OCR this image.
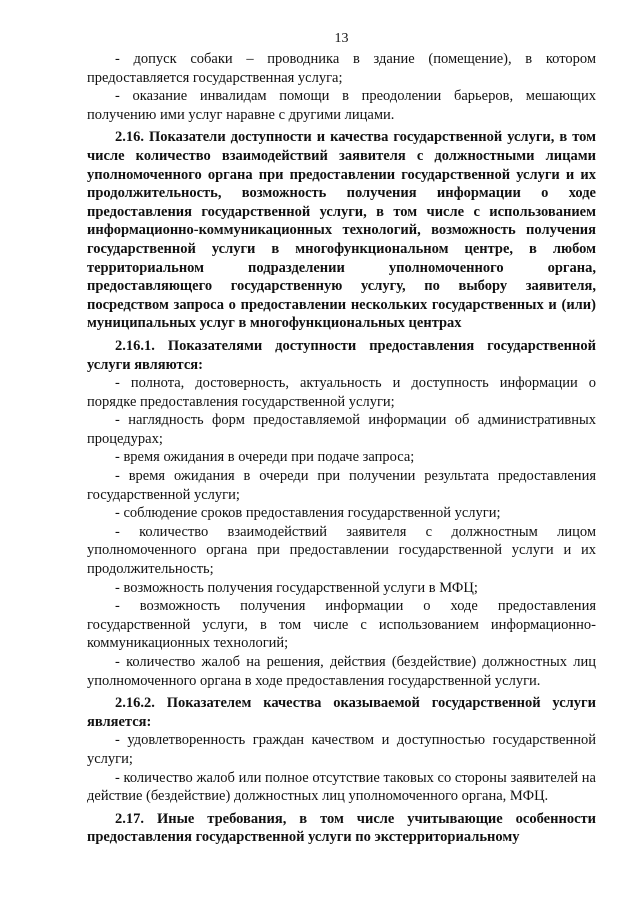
13

- допуск собаки – проводника в здание (помещение), в котором предоставляется государственная услуга;

- оказание инвалидам помощи в преодолении барьеров, мешающих получению ими услуг наравне с другими лицами.

2.16. Показатели доступности и качества государственной услуги, в том числе количество взаимодействий заявителя с должностными лицами уполномоченного органа при предоставлении государственной услуги и их продолжительность, возможность получения информации о ходе предоставления государственной услуги, в том числе с использованием информационно-коммуникационных технологий, возможность получения государственной услуги в многофункциональном центре, в любом территориальном подразделении уполномоченного органа, предоставляющего государственную услугу, по выбору заявителя, посредством запроса о предоставлении нескольких государственных и (или) муниципальных услуг в многофункциональных центрах

2.16.1. Показателями доступности предоставления государственной услуги являются:

- полнота, достоверность, актуальность и доступность информации о порядке предоставления государственной услуги;

- наглядность форм предоставляемой информации об административных процедурах;

- время ожидания в очереди при подаче запроса;

- время ожидания в очереди при получении результата предоставления государственной услуги;

- соблюдение сроков предоставления государственной услуги;

- количество взаимодействий заявителя с должностным лицом уполномоченного органа при предоставлении государственной услуги и их продолжительность;

- возможность получения государственной услуги в МФЦ;

- возможность получения информации о ходе предоставления государственной услуги, в том числе с использованием информационно-коммуникационных технологий;

- количество жалоб на решения, действия (бездействие) должностных лиц уполномоченного органа в ходе предоставления государственной услуги.

2.16.2. Показателем качества оказываемой государственной услуги является:

- удовлетворенность граждан качеством и доступностью государственной услуги;

- количество жалоб или полное отсутствие таковых со стороны заявителей на действие (бездействие) должностных лиц уполномоченного органа, МФЦ.

2.17. Иные требования, в том числе учитывающие особенности предоставления государственной услуги по экстерриториальному
